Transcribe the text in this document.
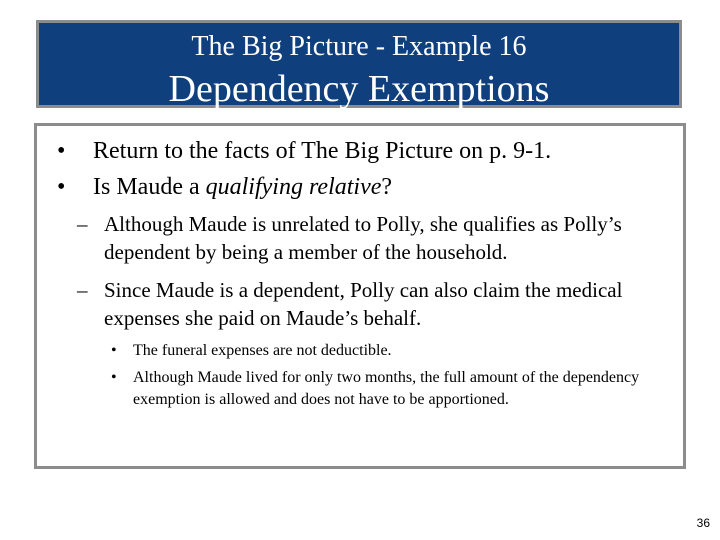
The Big Picture - Example 16
Dependency Exemptions
•	Return to the facts of The Big Picture on p. 9-1.
•	Is Maude a qualifying relative?
– Although Maude is unrelated to Polly, she qualifies as Polly’s dependent by being a member of the household.
– Since Maude is a dependent, Polly can also claim the medical expenses she paid on Maude’s behalf.
•	The funeral expenses are not deductible.
•	Although Maude lived for only two months, the full amount of the dependency exemption is allowed and does not have to be apportioned.
36
